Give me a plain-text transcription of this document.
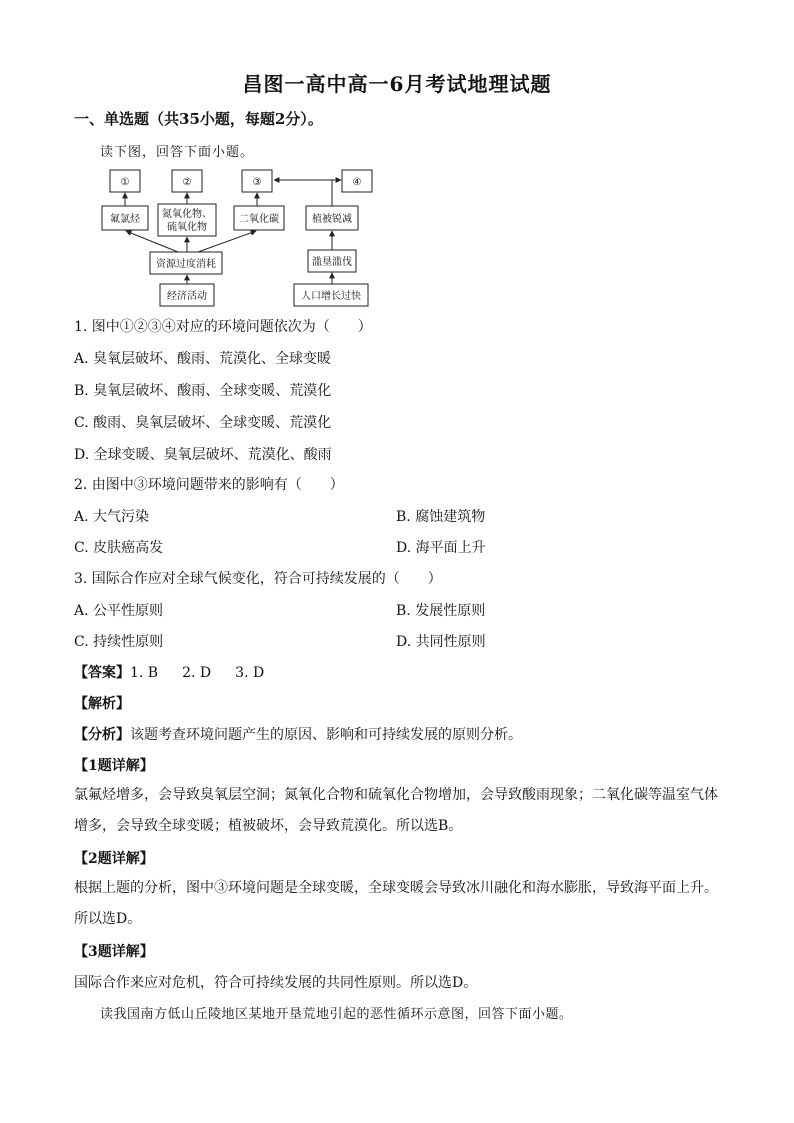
昌图一高中高一6月考试地理试题
一、单选题（共35小题，每题2分）。
读下图，回答下面小题。
①	②	③	④
氟氯烃 氮氧化物、
硫氧化物
二氧化碳	植被锐减
资源过度消耗	滥垦滥伐
经济活动	人口增长过快
1. 图中①②③④对应的环境问题依次为（　　）
A. 臭氧层破坏、酸雨、荒漠化、全球变暖
B. 臭氧层破坏、酸雨、全球变暖、荒漠化
C. 酸雨、臭氧层破坏、全球变暖、荒漠化
D. 全球变暖、臭氧层破坏、荒漠化、酸雨
2. 由图中③环境问题带来的影响有（　　）
A. 大气污染	B. 腐蚀建筑物
C. 皮肤癌高发	D. 海平面上升
3. 国际合作应对全球气候变化，符合可持续发展的（　　）
A. 公平性原则	B. 发展性原则
C. 持续性原则	D. 共同性原则
【答案】1. B 2. D 3. D
【解析】
【分析】该题考查环境问题产生的原因、影响和可持续发展的原则分析。
【1题详解】
氯氟烃增多，会导致臭氧层空洞；氮氧化合物和硫氧化合物增加，会导致酸雨现象；二氧化碳等温室气体增多，会导致全球变暖；植被破坏，会导致荒漠化。所以选B。
【2题详解】
根据上题的分析，图中③环境问题是全球变暖，全球变暖会导致冰川融化和海水膨胀，导致海平面上升。所以选D。
【3题详解】
国际合作来应对危机，符合可持续发展的共同性原则。所以选D。
读我国南方低山丘陵地区某地开垦荒地引起的恶性循环示意图，回答下面小题。
